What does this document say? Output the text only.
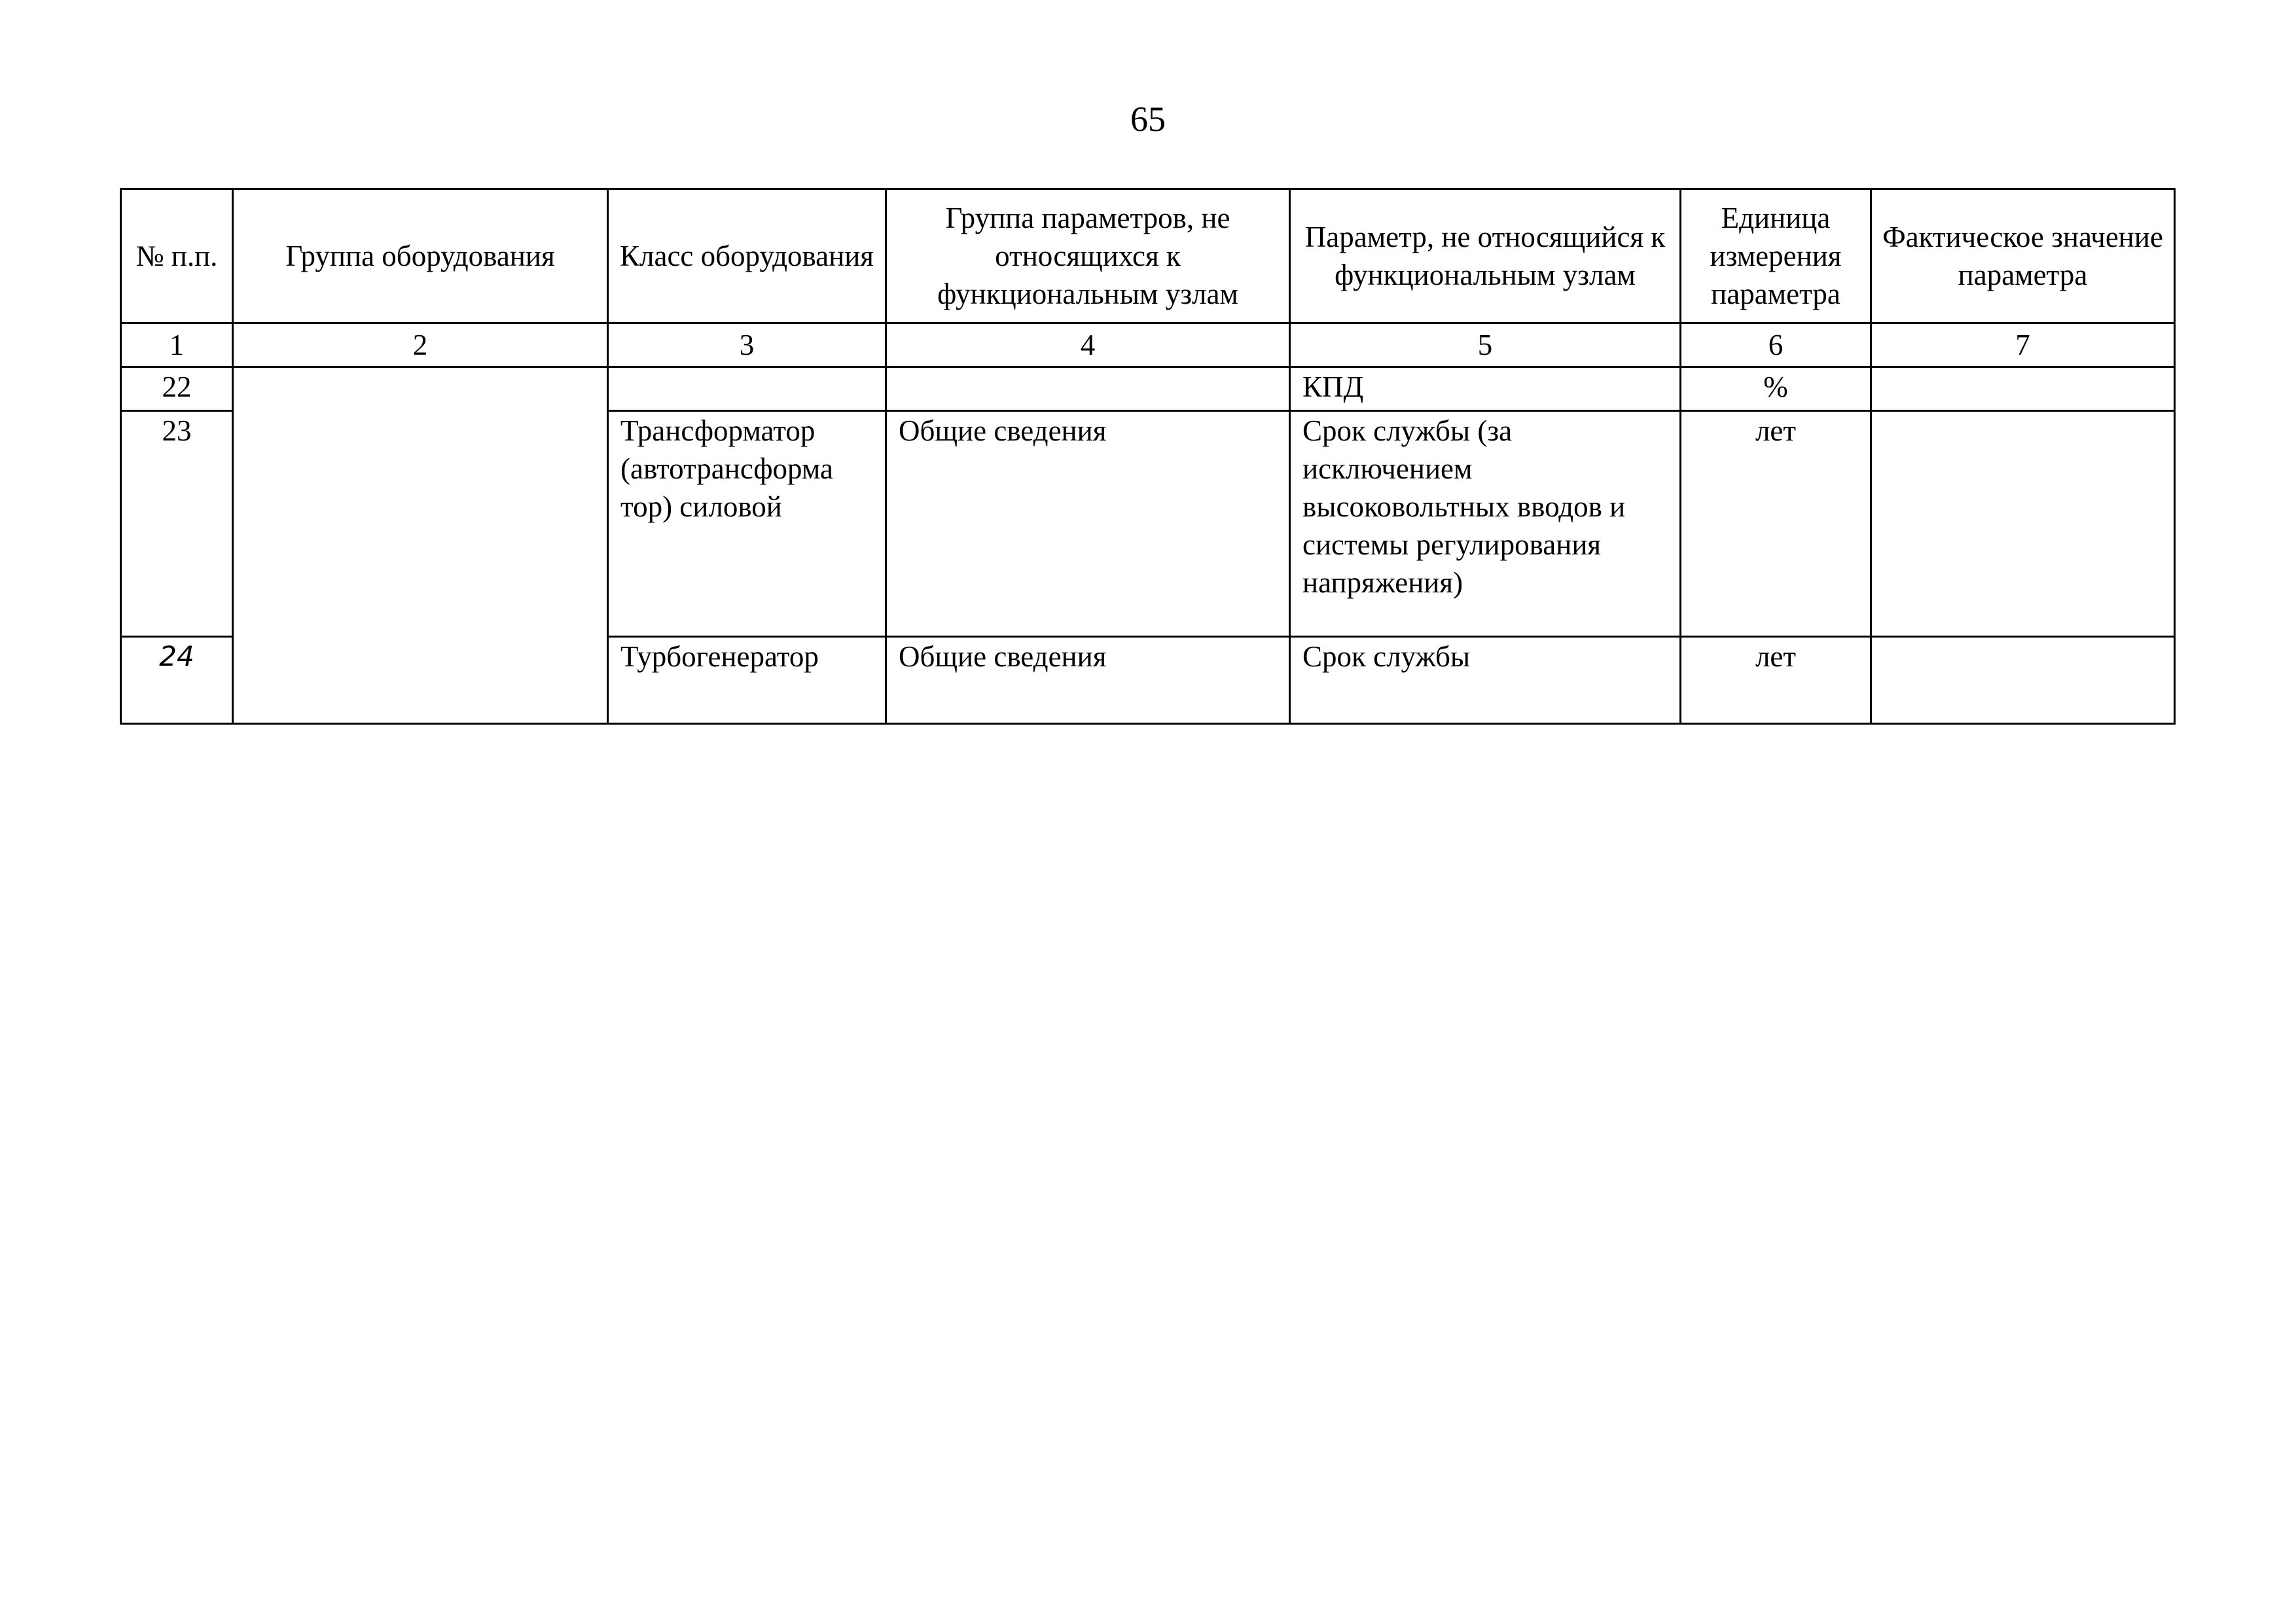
65
№ п.п.	Группа оборудования	Класс оборудования	Группа параметров, не относящихся к функциональным узлам	Параметр, не относящийся к функциональным узлам	Единица измерения параметра	Фактическое значение параметра
1	2	3	4	5	6	7
22				КПД	%	
23		Трансформатор (автотрансформа тор) силовой	Общие сведения	Срок службы (за исключением высоковольтных вводов и системы регулирования напряжения)	лет	
24		Турбогенератор	Общие сведения	Срок службы	лет	
